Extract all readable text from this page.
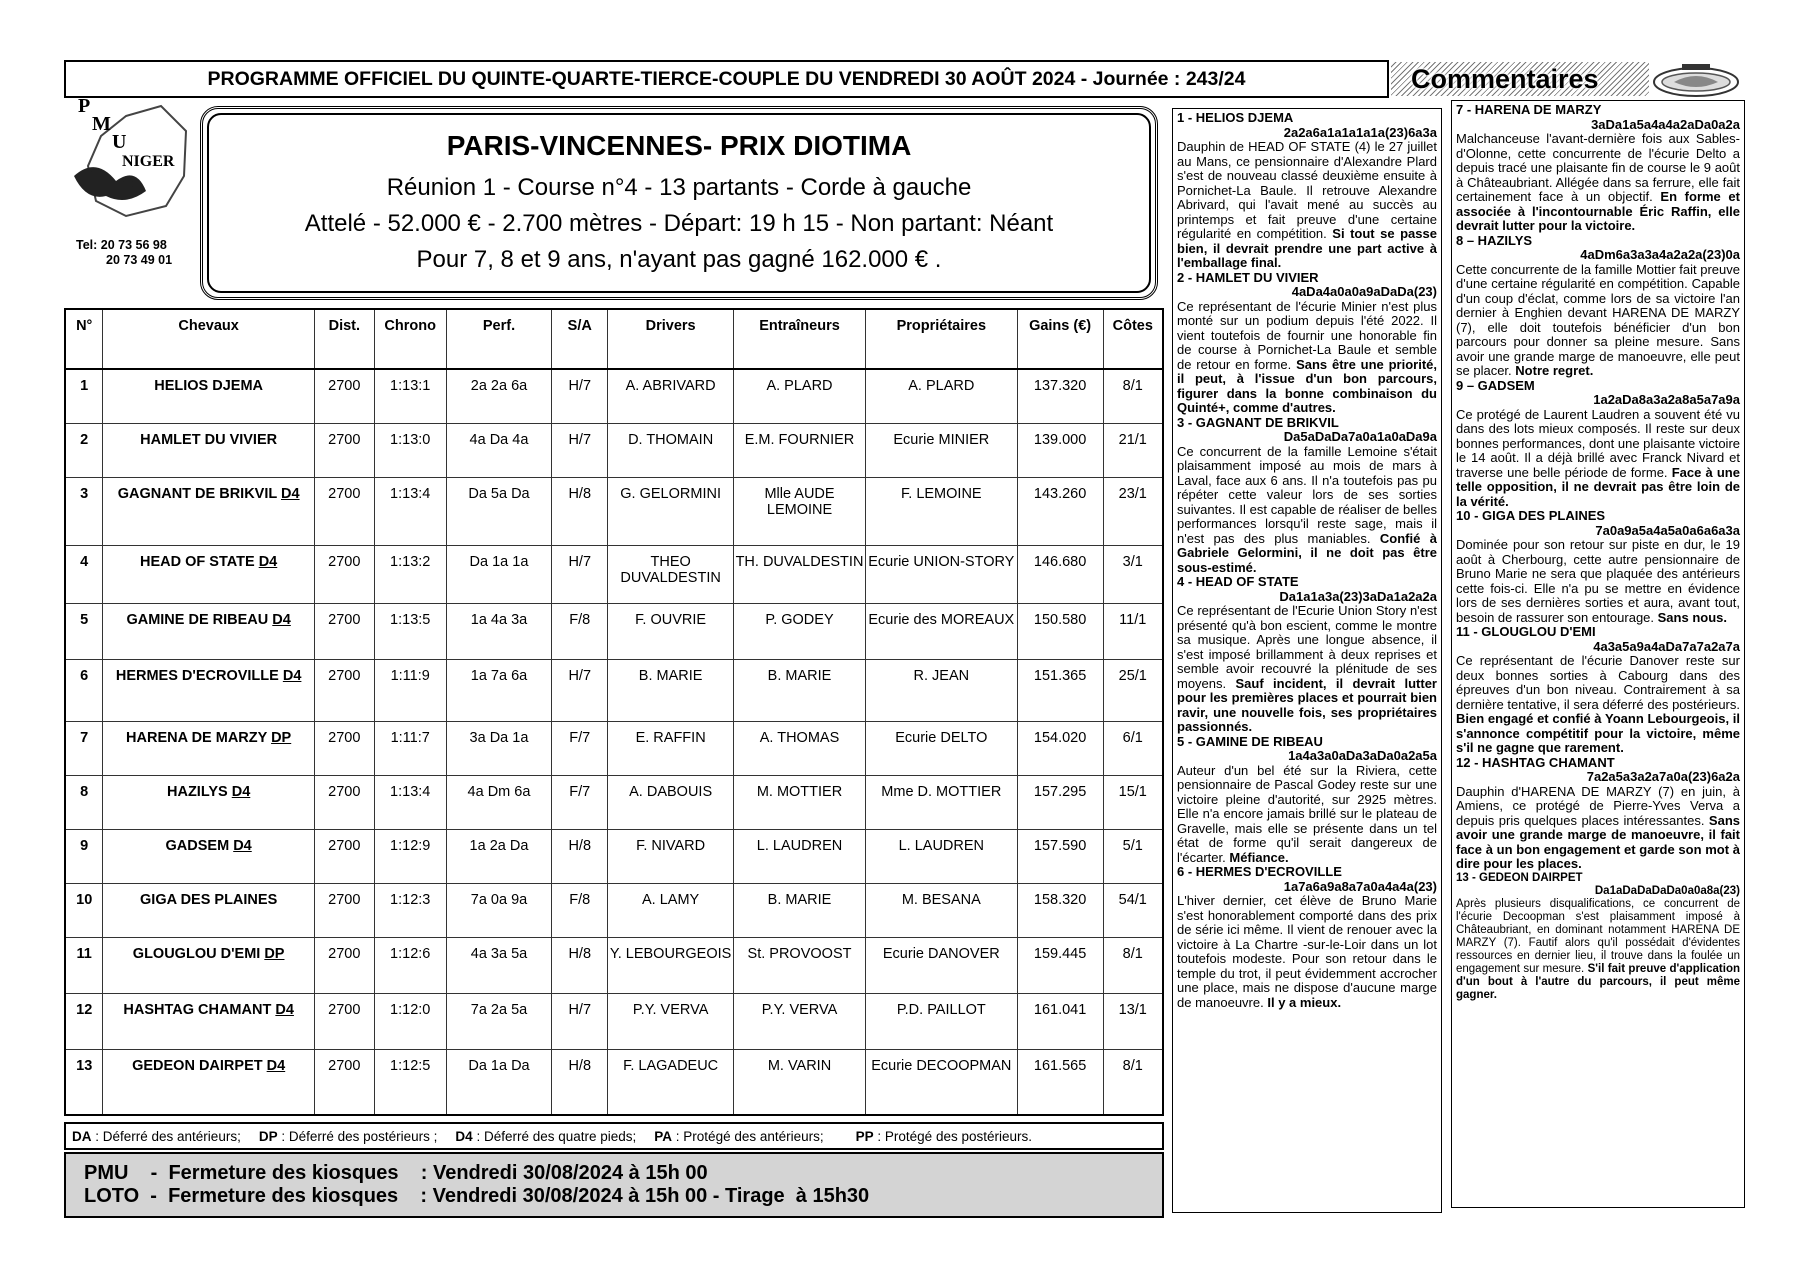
PROGRAMME OFFICIEL DU QUINTE-QUARTE-TIERCE-COUPLE DU VENDREDI 30 AOÛT 2024 - Journée : 243/24	Commentaires
P
M
U
NIGER
Tel: 20 73 56 98
20 73 49 01
PARIS-VINCENNES- PRIX DIOTIMA
Réunion 1 - Course n°4 - 13 partants - Corde à gauche
Attelé - 52.000 € - 2.700 mètres - Départ: 19 h 15 - Non partant: Néant
Pour 7, 8 et 9 ans, n'ayant pas gagné 162.000 € .
N°	Chevaux	Dist.	Chrono	Perf.	S/A	Drivers	Entraîneurs	Propriétaires	Gains (€)	Côtes
1	HELIOS DJEMA	2700	1:13:1	2a 2a 6a	H/7	A. ABRIVARD	A. PLARD	A. PLARD	137.320	8/1
2	HAMLET DU VIVIER	2700	1:13:0	4a Da 4a	H/7	D. THOMAIN	E.M. FOURNIER	Ecurie MINIER	139.000	21/1
3	GAGNANT DE BRIKVIL D4	2700	1:13:4	Da 5a Da	H/8	G. GELORMINI	Mlle AUDE LEMOINE	F. LEMOINE	143.260	23/1
4	HEAD OF STATE D4	2700	1:13:2	Da 1a 1a	H/7	THEO DUVALDESTIN	TH. DUVALDESTIN	Ecurie UNION-STORY	146.680	3/1
5	GAMINE DE RIBEAU D4	2700	1:13:5	1a 4a 3a	F/8	F. OUVRIE	P. GODEY	Ecurie des MOREAUX	150.580	11/1
6	HERMES D'ECROVILLE D4	2700	1:11:9	1a 7a 6a	H/7	B. MARIE	B. MARIE	R. JEAN	151.365	25/1
7	HARENA DE MARZY DP	2700	1:11:7	3a Da 1a	F/7	E. RAFFIN	A. THOMAS	Ecurie DELTO	154.020	6/1
8	HAZILYS D4	2700	1:13:4	4a Dm 6a	F/7	A. DABOUIS	M. MOTTIER	Mme D. MOTTIER	157.295	15/1
9	GADSEM D4	2700	1:12:9	1a 2a Da	H/8	F. NIVARD	L. LAUDREN	L. LAUDREN	157.590	5/1
10	GIGA DES PLAINES	2700	1:12:3	7a 0a 9a	F/8	A. LAMY	B. MARIE	M. BESANA	158.320	54/1
11	GLOUGLOU D'EMI DP	2700	1:12:6	4a 3a 5a	H/8	Y. LEBOURGEOIS	St. PROVOOST	Ecurie DANOVER	159.445	8/1
12	HASHTAG CHAMANT D4	2700	1:12:0	7a 2a 5a	H/7	P.Y. VERVA	P.Y. VERVA	P.D. PAILLOT	161.041	13/1
13	GEDEON DAIRPET D4	2700	1:12:5	Da 1a Da	H/8	F. LAGADEUC	M. VARIN	Ecurie DECOOPMAN	161.565	8/1
DA : Déferré des antérieurs; DP : Déferré des postérieurs ; D4 : Déferré des quatre pieds; PA : Protégé des antérieurs; PP : Protégé des postérieurs.
PMU    -  Fermeture des kiosques    : Vendredi 30/08/2024 à 15h 00
LOTO  -  Fermeture des kiosques    : Vendredi 30/08/2024 à 15h 00 - Tirage  à 15h30
1 - HELIOS DJEMA
2a2a6a1a1a1a1a(23)6a3a
Dauphin de HEAD OF STATE (4) le 27 juillet au Mans, ce pensionnaire d'Alexandre Plard s'est de nouveau classé deuxième ensuite à Pornichet-La Baule. Il retrouve Alexandre Abrivard, qui l'avait mené au succès au printemps et fait preuve d'une certaine régularité en compétition. Si tout se passe bien, il devrait prendre une part active à l'emballage final.
2 - HAMLET DU VIVIER
4aDa4a0a0a9aDaDa(23)
Ce représentant de l'écurie Minier n'est plus monté sur un podium depuis l'été 2022. Il vient toutefois de fournir une honorable fin de course à Pornichet-La Baule et semble de retour en forme. Sans être une priorité, il peut, à l'issue d'un bon parcours, figurer dans la bonne combinaison du Quinté+, comme d'autres.
3 - GAGNANT DE BRIKVIL
Da5aDaDa7a0a1a0aDa9a
Ce concurrent de la famille Lemoine s'était plaisamment imposé au mois de mars à Laval, face aux 6 ans. Il n'a toutefois pas pu répéter cette valeur lors de ses sorties suivantes. Il est capable de réaliser de belles performances lorsqu'il reste sage, mais il n'est pas des plus maniables. Confié à Gabriele Gelormini, il ne doit pas être sous-estimé.
4 - HEAD OF STATE
Da1a1a3a(23)3aDa1a2a2a
Ce représentant de l'Ecurie Union Story n'est présenté qu'à bon escient, comme le montre sa musique. Après une longue absence, il s'est imposé brillamment à deux reprises et semble avoir recouvré la plénitude de ses moyens. Sauf incident, il devrait lutter pour les premières places et pourrait bien ravir, une nouvelle fois, ses propriétaires passionnés.
5 - GAMINE DE RIBEAU
1a4a3a0aDa3aDa0a2a5a
Auteur d'un bel été sur la Riviera, cette pensionnaire de Pascal Godey reste sur une victoire pleine d'autorité, sur 2925 mètres. Elle n'a encore jamais brillé sur le plateau de Gravelle, mais elle se présente dans un tel état de forme qu'il serait dangereux de l'écarter. Méfiance.
6 - HERMES D'ECROVILLE
1a7a6a9a8a7a0a4a4a(23)
L'hiver dernier, cet élève de Bruno Marie s'est honorablement comporté dans des prix de série ici même. Il vient de renouer avec la victoire à La Chartre -sur-le-Loir dans un lot toutefois modeste. Pour son retour dans le temple du trot, il peut évidemment accrocher une place, mais ne dispose d'aucune marge de manoeuvre. Il y a mieux.
7 - HARENA DE MARZY
3aDa1a5a4a4a2aDa0a2a
Malchanceuse l'avant-dernière fois aux Sables-d'Olonne, cette concurrente de l'écurie Delto a depuis tracé une plaisante fin de course le 9 août à Châteaubriant. Allégée dans sa ferrure, elle fait certainement face à un objectif. En forme et associée à l'incontournable Éric Raffin, elle devrait lutter pour la victoire.
8 – HAZILYS
4aDm6a3a3a4a2a2a(23)0a
Cette concurrente de la famille Mottier fait preuve d'une certaine régularité en compétition. Capable d'un coup d'éclat, comme lors de sa victoire l'an dernier à Enghien devant HARENA DE MARZY (7), elle doit toutefois bénéficier d'un bon parcours pour donner sa pleine mesure. Sans avoir une grande marge de manoeuvre, elle peut se placer. Notre regret.
9 – GADSEM
1a2aDa8a3a2a8a5a7a9a
Ce protégé de Laurent Laudren a souvent été vu dans des lots mieux composés. Il reste sur deux bonnes performances, dont une plaisante victoire le 14 août. Il a déjà brillé avec Franck Nivard et traverse une belle période de forme. Face à une telle opposition, il ne devrait pas être loin de la vérité.
10 - GIGA DES PLAINES
7a0a9a5a4a5a0a6a6a3a
Dominée pour son retour sur piste en dur, le 19 août à Cherbourg, cette autre pensionnaire de Bruno Marie ne sera que plaquée des antérieurs cette fois-ci. Elle n'a pu se mettre en évidence lors de ses dernières sorties et aura, avant tout, besoin de rassurer son entourage. Sans nous.
11 - GLOUGLOU D'EMI
4a3a5a9a4aDa7a7a2a7a
Ce représentant de l'écurie Danover reste sur deux bonnes sorties à Cabourg dans des épreuves d'un bon niveau. Contrairement à sa dernière tentative, il sera déferré des postérieurs. Bien engagé et confié à Yoann Lebourgeois, il s'annonce compétitif pour la victoire, même s'il ne gagne que rarement.
12 - HASHTAG CHAMANT
7a2a5a3a2a7a0a(23)6a2a
Dauphin d'HARENA DE MARZY (7) en juin, à Amiens, ce protégé de Pierre-Yves Verva a depuis pris quelques places intéressantes. Sans avoir une grande marge de manoeuvre, il fait face à un bon engagement et garde son mot à dire pour les places.
13 - GEDEON DAIRPET
Da1aDaDaDaDa0a0a8a(23)
Après plusieurs disqualifications, ce concurrent de l'écurie Decoopman s'est plaisamment imposé à Châteaubriant, en dominant notamment HARENA DE MARZY (7). Fautif alors qu'il possédait d'évidentes ressources en dernier lieu, il trouve dans la foulée un engagement sur mesure. S'il fait preuve d'application d'un bout à l'autre du parcours, il peut même gagner.
